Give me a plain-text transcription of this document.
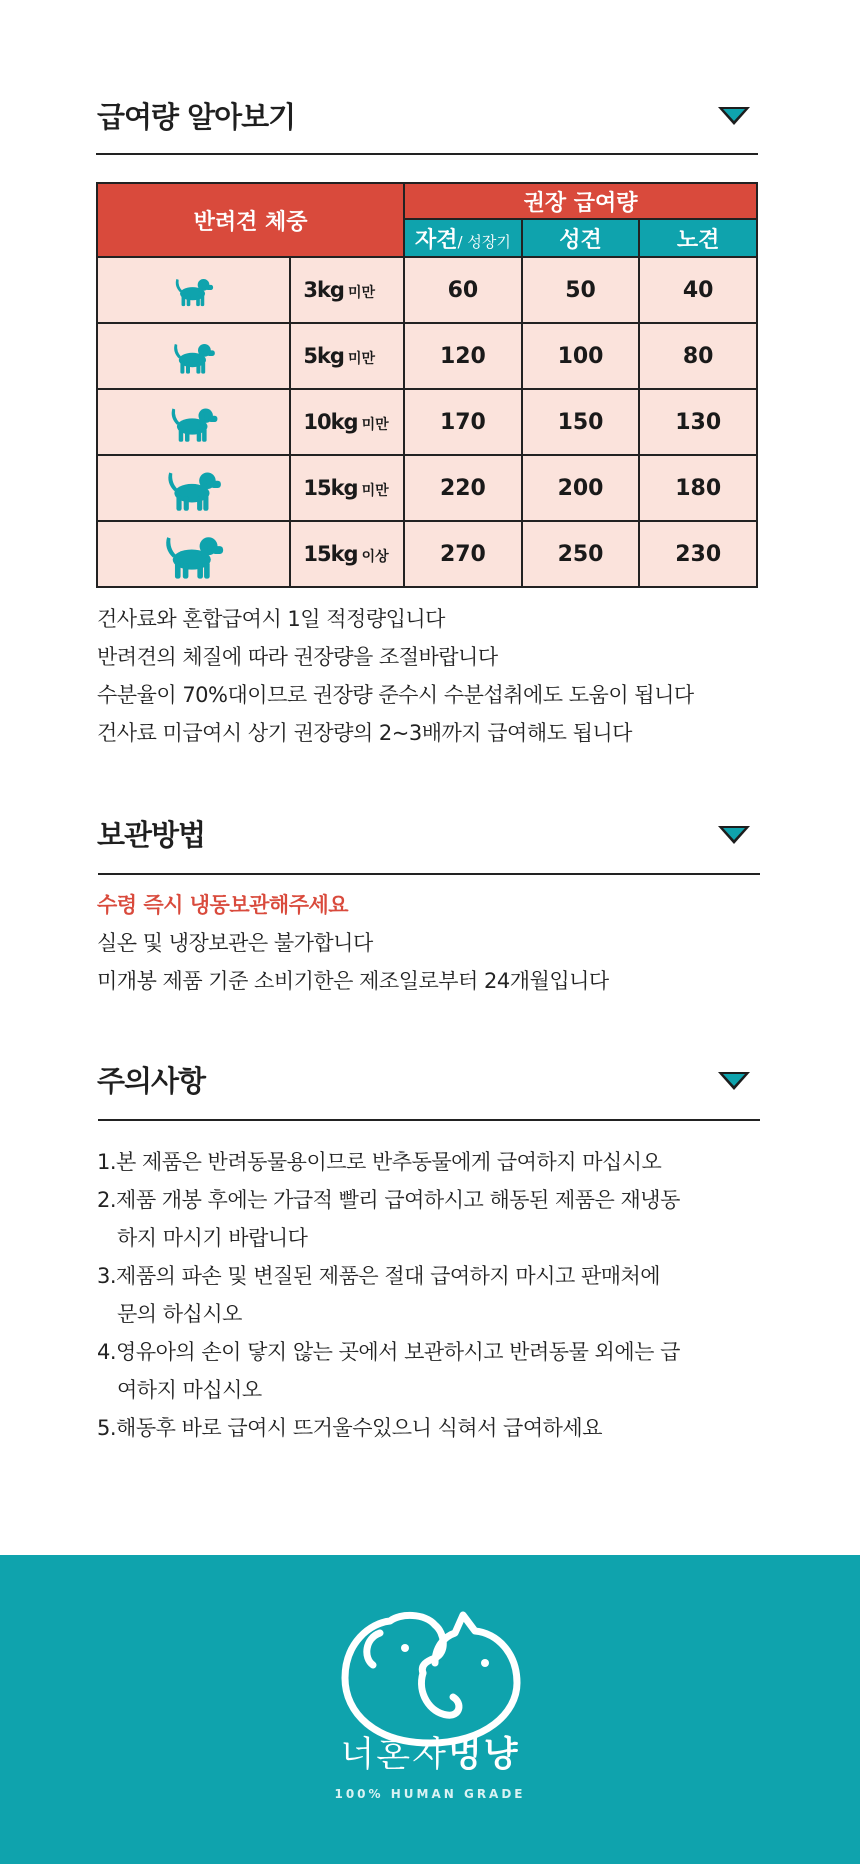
급여량 알아보기
반려견 체중		권장 급여량		
		자견/ 성장기	성견	노견
	3kg 미만	60	50	40
	5kg 미만	120	100	80
	10kg 미만	170	150	130
	15kg 미만	220	200	180
	15kg 이상	270	250	230
건사료와 혼합급여시 1일 적정량입니다
반려견의 체질에 따라 권장량을 조절바랍니다
수분율이 70%대이므로 권장량 준수시 수분섭취에도 도움이 됩니다
건사료 미급여시 상기 권장량의 2~3배까지 급여해도 됩니다
보관방법
수령 즉시 냉동보관해주세요
실온 및 냉장보관은 불가합니다
미개봉 제품 기준 소비기한은 제조일로부터 24개월입니다
주의사항
1.본 제품은 반려동물용이므로 반추동물에게 급여하지 마십시오
2.제품 개봉 후에는 가급적 빨리 급여하시고 해동된 제품은 재냉동
하지 마시기 바랍니다
3.제품의 파손 및 변질된 제품은 절대 급여하지 마시고 판매처에
문의 하십시오
4.영유아의 손이 닿지 않는 곳에서 보관하시고 반려동물 외에는 급
여하지 마십시오
5.해동후 바로 급여시 뜨거울수있으니 식혀서 급여하세요
너혼자멍냥
100% HUMAN GRADE
